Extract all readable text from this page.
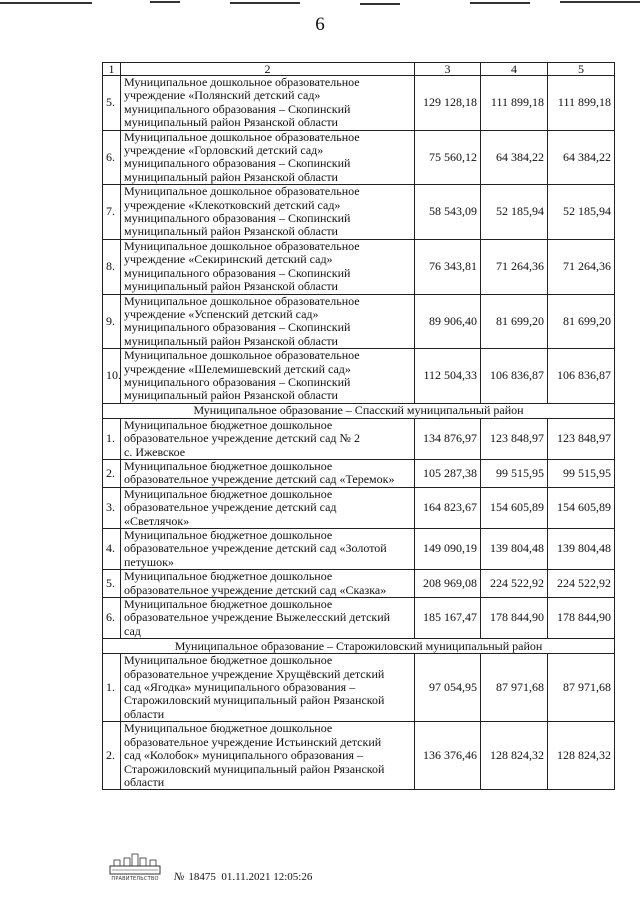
6
1	2	3	4	5
5.	Муниципальное дошкольное образовательное
учреждение «Полянский детский сад»
муниципального образования – Скопинский
муниципальный район Рязанской области	129 128,18	111 899,18	111 899,18
6.	Муниципальное дошкольное образовательное
учреждение «Горловский детский сад»
муниципального образования – Скопинский
муниципальный район Рязанской области	75 560,12	64 384,22	64 384,22
7.	Муниципальное дошкольное образовательное
учреждение «Клекотковский детский сад»
муниципального образования – Скопинский
муниципальный район Рязанской области	58 543,09	52 185,94	52 185,94
8.	Муниципальное дошкольное образовательное
учреждение «Секиринский детский сад»
муниципального образования – Скопинский
муниципальный район Рязанской области	76 343,81	71 264,36	71 264,36
9.	Муниципальное дошкольное образовательное
учреждение «Успенский детский сад»
муниципального образования – Скопинский
муниципальный район Рязанской области	89 906,40	81 699,20	81 699,20
10.	Муниципальное дошкольное образовательное
учреждение «Шелемишевский детский сад»
муниципального образования – Скопинский
муниципальный район Рязанской области	112 504,33	106 836,87	106 836,87
Муниципальное образование – Спасский муниципальный район				
1.	Муниципальное бюджетное дошкольное
образовательное учреждение детский сад № 2
с. Ижевское	134 876,97	123 848,97	123 848,97
2.	Муниципальное бюджетное дошкольное
образовательное учреждение детский сад «Теремок»	105 287,38	99 515,95	99 515,95
3.	Муниципальное бюджетное дошкольное
образовательное учреждение детский сад
«Светлячок»	164 823,67	154 605,89	154 605,89
4.	Муниципальное бюджетное дошкольное
образовательное учреждение детский сад «Золотой
петушок»	149 090,19	139 804,48	139 804,48
5.	Муниципальное бюджетное дошкольное
образовательное учреждение детский сад «Сказка»	208 969,08	224 522,92	224 522,92
6.	Муниципальное бюджетное дошкольное
образовательное учреждение Выжелесский детский
сад	185 167,47	178 844,90	178 844,90
Муниципальное образование – Старожиловский муниципальный район				
1.	Муниципальное бюджетное дошкольное
образовательное учреждение Хрущёвский детский
сад «Ягодка» муниципального образования –
Старожиловский муниципальный район Рязанской
области	97 054,95	87 971,68	87 971,68
2.	Муниципальное бюджетное дошкольное
образовательное учреждение Истьинский детский
сад «Колобок» муниципального образования –
Старожиловский муниципальный район Рязанской
области	136 376,46	128 824,32	128 824,32
ПРАВИТЕЛЬСТВО	№ 18475 01.11.2021 12:05:26
